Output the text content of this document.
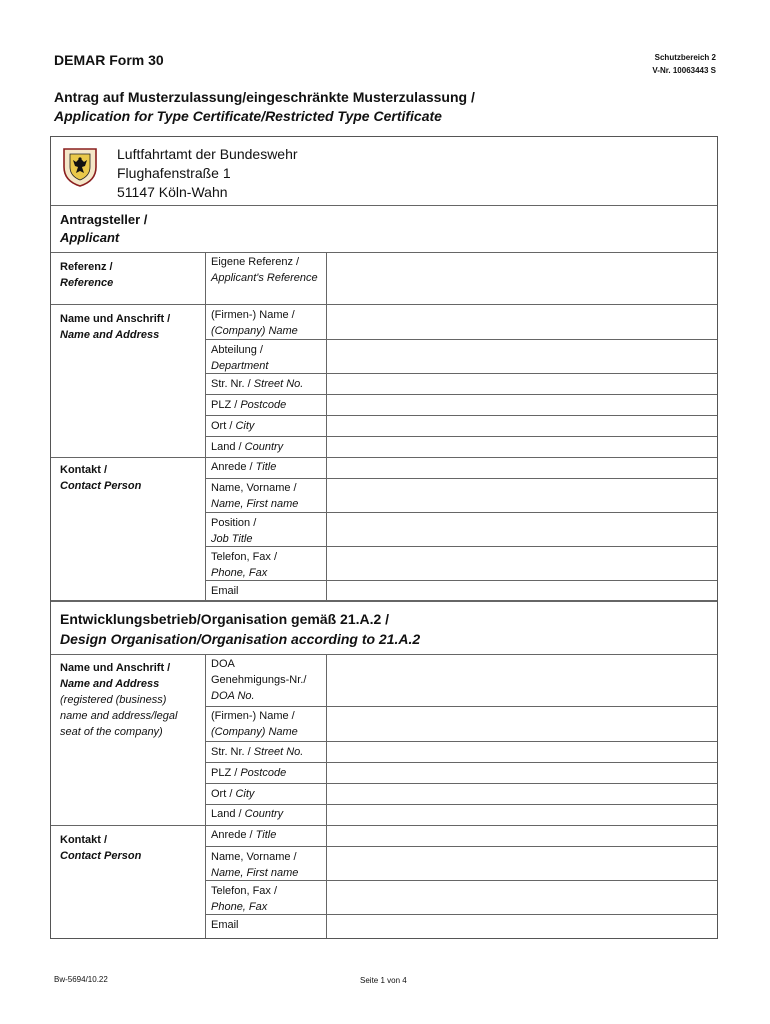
DEMAR Form 30	Schutzbereich 2
V-Nr. 10063443 S
Antrag auf Musterzulassung/eingeschränkte Musterzulassung /
Application for Type Certificate/Restricted Type Certificate
Luftfahrtamt der Bundeswehr
Flughafenstraße 1
51147 Köln-Wahn
Antragsteller /
Applicant
Referenz /
Reference
Name und Anschrift /
Name and Address
Kontakt /
Contact Person
Eigene Referenz /
Applicant's Reference
(Firmen-) Name /
(Company) Name
Abteilung /
Department
Str. Nr. / Street No.
PLZ / Postcode
Ort / City
Land / Country
Anrede / Title
Name, Vorname /
Name, First name
Position /
Job Title
Telefon, Fax /
Phone, Fax
Email
Entwicklungsbetrieb/Organisation gemäß 21.A.2 /
Design Organisation/Organisation according to 21.A.2
Name und Anschrift /
Name and Address
(registered (business)
name and address/legal
seat of the company)
Kontakt /
Contact Person
DOA
Genehmigungs-Nr./
DOA No.
(Firmen-) Name /
(Company) Name
Str. Nr. / Street No.
PLZ / Postcode
Ort / City
Land / Country
Anrede / Title
Name, Vorname /
Name, First name
Telefon, Fax /
Phone, Fax
Email
Bw-5694/10.22	Seite 1 von 4
